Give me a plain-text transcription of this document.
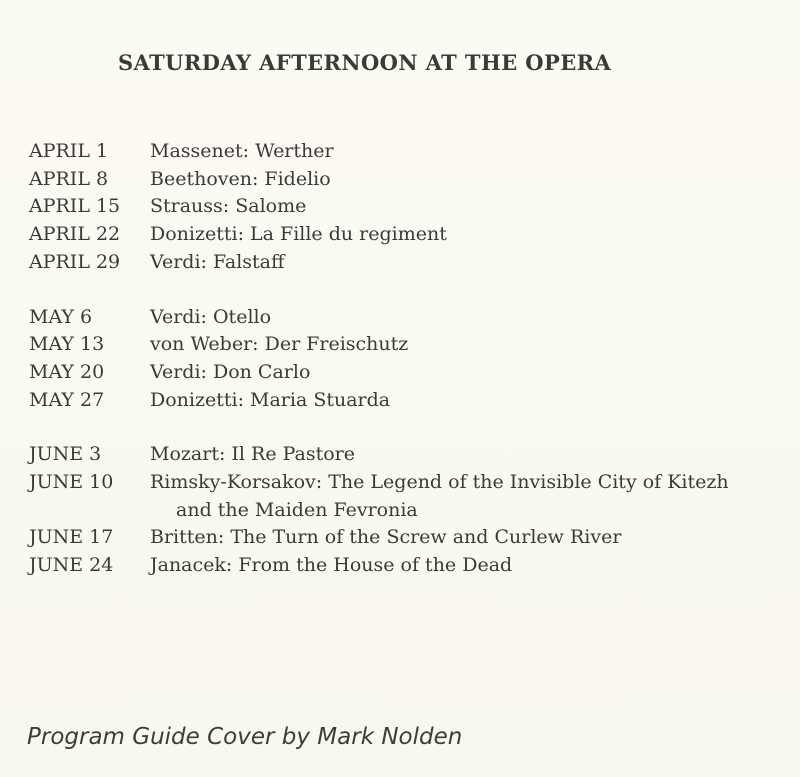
SATURDAY AFTERNOON AT THE OPERA
APRIL 1	Massenet: Werther
APRIL 8	Beethoven: Fidelio
APRIL 15	Strauss: Salome
APRIL 22	Donizetti: La Fille du regiment
APRIL 29	Verdi: Falstaff
MAY 6	Verdi: Otello
MAY 13	von Weber: Der Freischutz
MAY 20	Verdi: Don Carlo
MAY 27	Donizetti: Maria Stuarda
JUNE 3	Mozart: Il Re Pastore
JUNE 10	Rimsky-Korsakov: The Legend of the Invisible City of Kitezh
and the Maiden Fevronia
JUNE 17	Britten: The Turn of the Screw and Curlew River
JUNE 24	Janacek: From the House of the Dead
Program Guide Cover by Mark Nolden
